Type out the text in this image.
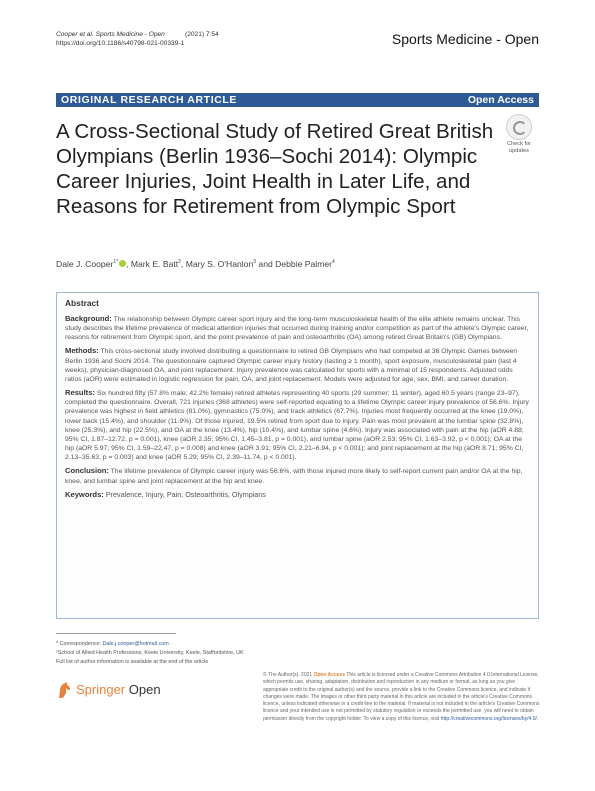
Cooper et al. Sports Medicine - Open	(2021) 7:54
https://doi.org/10.1186/s40798-021-00339-1	Sports Medicine - Open
ORIGINAL RESEARCH ARTICLE	Open Access
Check for
updates
A Cross-Sectional Study of Retired Great British Olympians (Berlin 1936–Sochi 2014): Olympic Career Injuries, Joint Health in Later Life, and Reasons for Retirement from Olympic Sport
Dale J. Cooper$^{1*}$ , Mark E. Batt$^2$, Mary S. O'Hanlon$^3$ and Debbie Palmer$^4$
Abstract

Background: The relationship between Olympic career sport injury and the long-term musculoskeletal health of the elite athlete remains unclear. This study describes the lifetime prevalence of medical attention injuries that occurred during training and/or competition as part of the athlete's Olympic career, reasons for retirement from Olympic sport, and the point prevalence of pain and osteoarthritis (OA) among retired Great Britain's (GB) Olympians.

Methods: This cross-sectional study involved distributing a questionnaire to retired GB Olympians who had competed at 36 Olympic Games between Berlin 1936 and Sochi 2014. The questionnaire captured Olympic career injury history (lasting ≥ 1 month), sport exposure, musculoskeletal pain (last 4 weeks), physician-diagnosed OA, and joint replacement. Injury prevalence was calculated for sports with a minimal of 15 respondents. Adjusted odds ratios (aOR) were estimated in logistic regression for pain, OA, and joint replacement. Models were adjusted for age, sex, BMI, and career duration.

Results: Six hundred fifty (57.8% male; 42.2% female) retired athletes representing 40 sports (29 summer; 11 winter), aged 60.5 years (range 23–97), completed the questionnaire. Overall, 721 injuries (368 athletes) were self-reported equating to a lifetime Olympic career injury prevalence of 56.6%. Injury prevalence was highest in field athletics (81.0%), gymnastics (75.0%), and track athletics (67.7%). Injuries most frequently occurred at the knee (19.0%), lower back (15.4%), and shoulder (11.9%). Of those injured, 19.5% retired from sport due to injury. Pain was most prevalent at the lumbar spine (32.8%), knee (25.3%), and hip (22.5%), and OA at the knee (13.4%), hip (10.4%), and lumbar spine (4.6%). Injury was associated with pain at the hip (aOR 4.88; 95% CI, 1.87–12.72, p = 0.001), knee (aOR 2.35; 95% CI, 1.45–3.81, p = 0.001), and lumbar spine (aOR 2.53; 95% CI, 1.63–3.92, p < 0.001); OA at the hip (aOR 5.97; 95% CI, 1.59–22.47, p = 0.008) and knee (aOR 3.91; 95% CI, 2.21–6.94, p < 0.001); and joint replacement at the hip (aOR 8.71; 95% CI, 2.13–35.63, p = 0.003) and knee (aOR 5.29; 95% CI, 2.39–11.74, p < 0.001).

Conclusion: The lifetime prevalence of Olympic career injury was 56.6%, with those injured more likely to self-report current pain and/or OA at the hip, knee, and lumbar spine and joint replacement at the hip and knee.

Keywords: Prevalence, Injury, Pain, Osteoarthritis, Olympians

* Correspondence: Dale.j.cooper@hotmail.com
¹School of Allied Health Professions, Keele University, Keele, Staffordshire, UK
Full list of author information is available at the end of the article
Springer Open
© The Author(s). 2021 Open Access This article is licensed under a Creative Commons Attribution 4.0 International License, which permits use, sharing, adaptation, distribution and reproduction in any medium or format, as long as you give appropriate credit to the original author(s) and the source, provide a link to the Creative Commons licence, and indicate if changes were made. The images or other third party material in this article are included in the article's Creative Commons licence, unless indicated otherwise in a credit line to the material. If material is not included in the article's Creative Commons licence and your intended use is not permitted by statutory regulation or exceeds the permitted use, you will need to obtain permission directly from the copyright holder. To view a copy of this licence, visit http://creativecommons.org/licenses/by/4.0/.
